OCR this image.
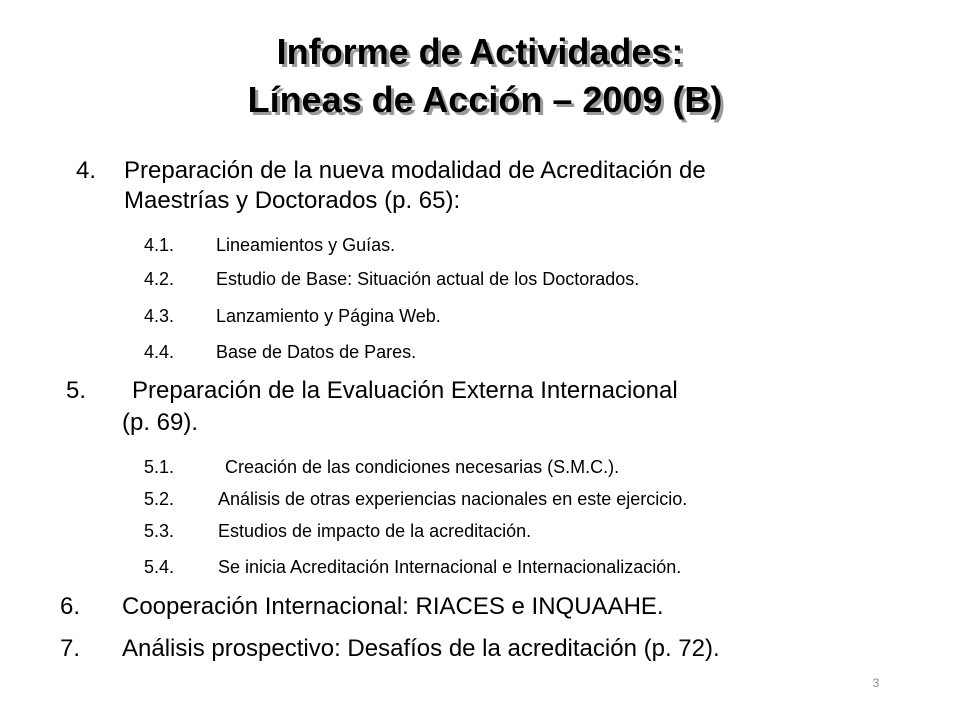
Informe de Actividades:
Líneas de Acción – 2009 (B)
4. Preparación de la nueva modalidad de Acreditación de
Maestrías y Doctorados (p. 65):
4.1. Lineamientos y Guías.
4.2. Estudio de Base: Situación actual de los Doctorados.
4.3. Lanzamiento y Página Web.
4.4. Base de Datos de Pares.
5. Preparación de la Evaluación Externa Internacional
(p. 69).
5.1.	Creación de las condiciones necesarias (S.M.C.).
5.2. Análisis de otras experiencias nacionales en este ejercicio.
5.3. Estudios de impacto de la acreditación.
5.4. Se inicia Acreditación Internacional e Internacionalización.
6. Cooperación Internacional: RIACES e INQUAAHE.
7. Análisis prospectivo: Desafíos de la acreditación (p. 72).
3
